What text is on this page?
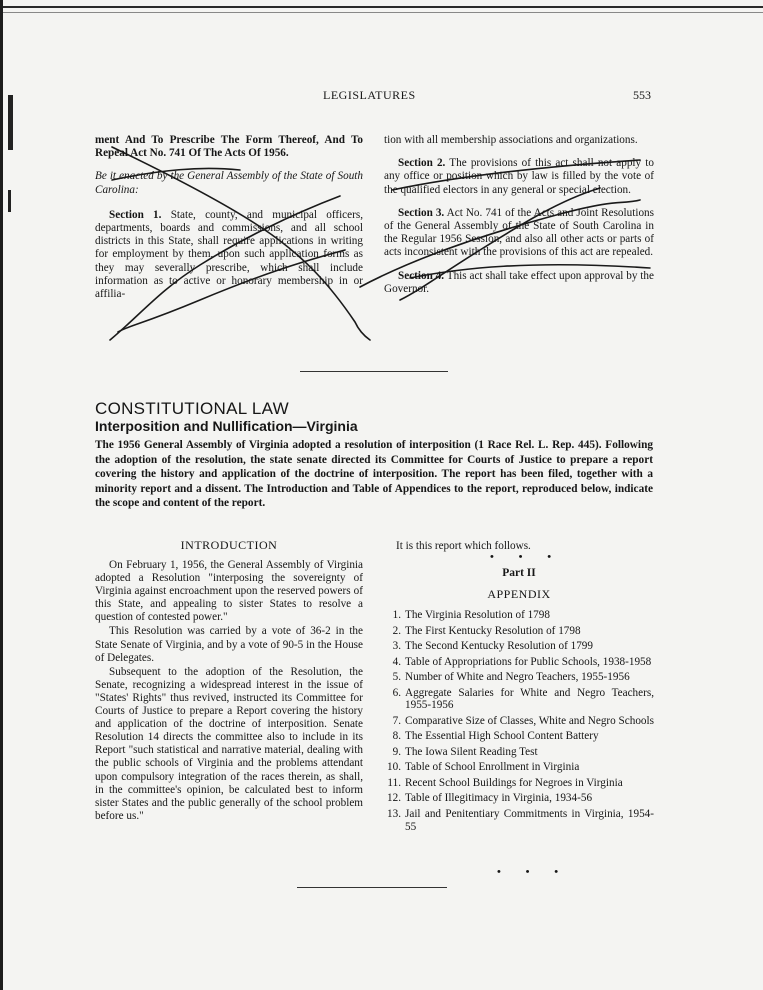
LEGISLATURES	553

ment And To Prescribe The Form Thereof, And To Repeal Act No. 741 Of The Acts Of 1956.

Be it enacted by the General Assembly of the State of South Carolina:

Section 1. State, county, and municipal officers, departments, boards and commissions, and all school districts in this State, shall require applications in writing for employment by them, upon such application forms as they may severally prescribe, which shall include information as to active or honorary membership in or affilia-

tion with all membership associations and organizations.

Section 2. The provisions of this act shall not apply to any office or position which by law is filled by the vote of the qualified electors in any general or special election.

Section 3. Act No. 741 of the Acts and Joint Resolutions of the General Assembly of the State of South Carolina in the Regular 1956 Session, and also all other acts or parts of acts inconsistent with the provisions of this act are repealed.

Section 4. This act shall take effect upon approval by the Governor.

CONSTITUTIONAL LAW
Interposition and Nullification—Virginia

The 1956 General Assembly of Virginia adopted a resolution of interposition (1 Race Rel. L. Rep. 445). Following the adoption of the resolution, the state senate directed its Committee for Courts of Justice to prepare a report covering the history and application of the doctrine of interposition. The report has been filed, together with a minority report and a dissent. The Introduction and Table of Appendices to the report, reproduced below, indicate the scope and content of the report.

INTRODUCTION

On February 1, 1956, the General Assembly of Virginia adopted a Resolution "interposing the sovereignty of Virginia against encroachment upon the reserved powers of this State, and appealing to sister States to resolve a question of contested power."

This Resolution was carried by a vote of 36-2 in the State Senate of Virginia, and by a vote of 90-5 in the House of Delegates.

Subsequent to the adoption of the Resolution, the Senate, recognizing a widespread interest in the issue of "States' Rights" thus revived, instructed its Committee for Courts of Justice to prepare a Report covering the history and application of the doctrine of interposition. Senate Resolution 14 directs the committee also to include in its Report "such statistical and narrative material, dealing with the public schools of Virginia and the problems attendant upon compulsory integration of the races therein, as shall, in the committee's opinion, be calculated best to inform sister States and the public generally of the school problem before us."

It is this report which follows.
• • •
Part II
APPENDIX
1. The Virginia Resolution of 1798
2. The First Kentucky Resolution of 1798
3. The Second Kentucky Resolution of 1799
4. Table of Appropriations for Public Schools, 1938-1958
5. Number of White and Negro Teachers, 1955-1956
6. Aggregate Salaries for White and Negro Teachers, 1955-1956
7. Comparative Size of Classes, White and Negro Schools
8. The Essential High School Content Battery
9. The Iowa Silent Reading Test
10. Table of School Enrollment in Virginia
11. Recent School Buildings for Negroes in Virginia
12. Table of Illegitimacy in Virginia, 1934-56
13. Jail and Penitentiary Commitments in Virginia, 1954-55
• • •
